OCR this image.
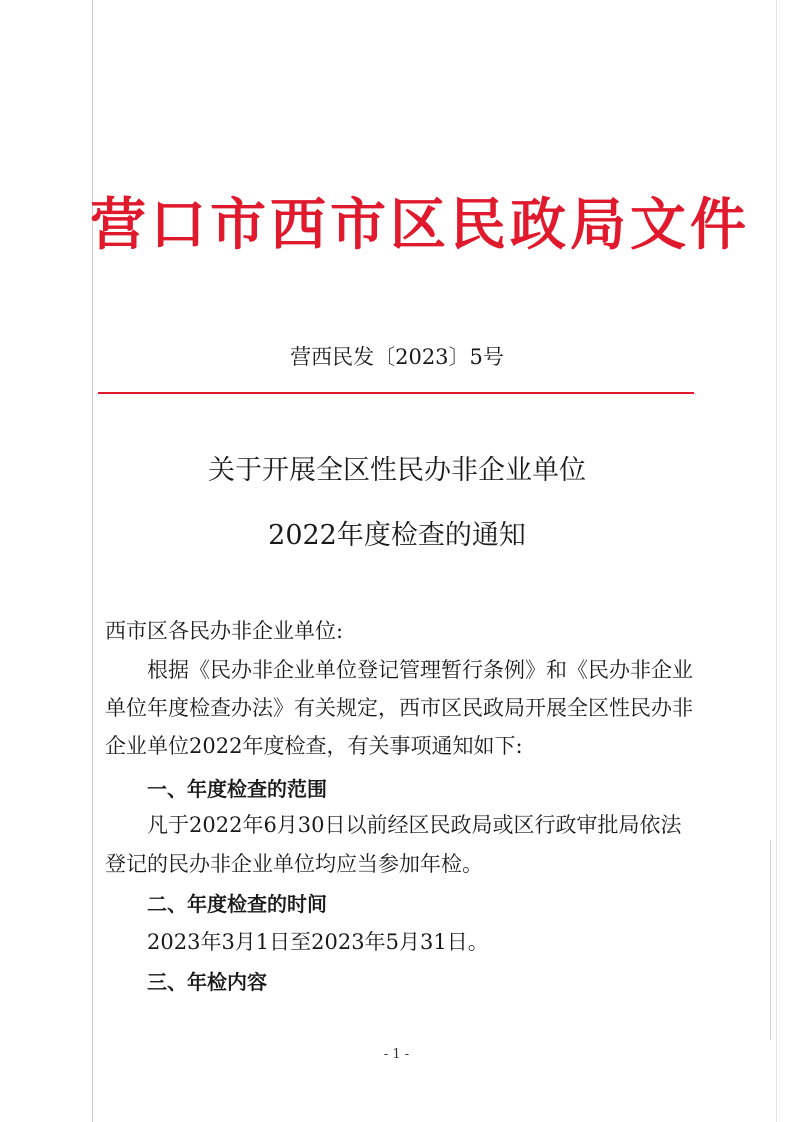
营口市西市区民政局文件
营西民发〔2023〕5号
关于开展全区性民办非企业单位
2022年度检查的通知
西市区各民办非企业单位:
根据《民办非企业单位登记管理暂行条例》和《民办非企业
单位年度检查办法》有关规定，西市区民政局开展全区性民办非
企业单位2022年度检查，有关事项通知如下:
一、年度检查的范围
凡于2022年6月30日以前经区民政局或区行政审批局依法
登记的民办非企业单位均应当参加年检。
二、年度检查的时间
2023年3月1日至2023年5月31日。
三、年检内容
- 1 -
